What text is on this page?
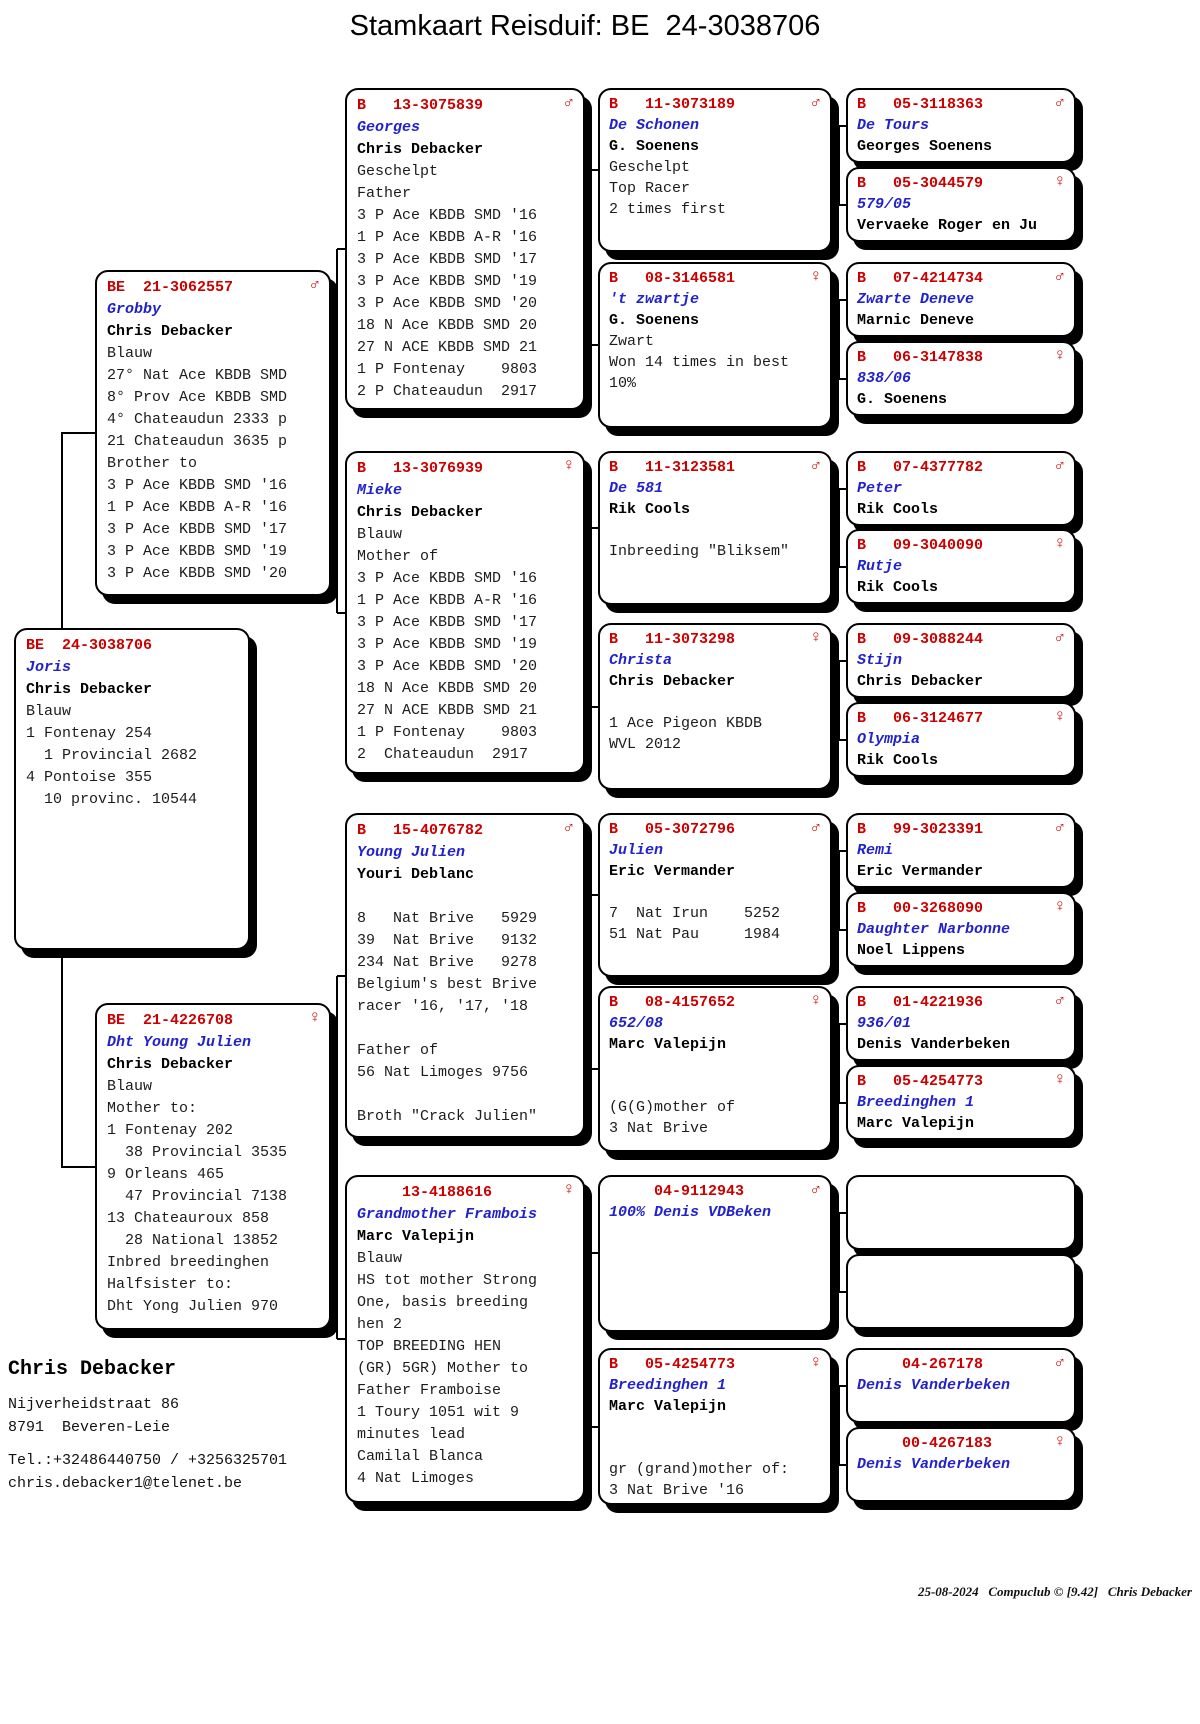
Stamkaart Reisduif: BE  24-3038706
BE  24-3038706
Joris
Chris Debacker
Blauw
1 Fontenay 254
1 Provincial 2682
4 Pontoise 355
10 provinc. 10544
BE  21-3062557	♂
Grobby
Chris Debacker
Blauw
27° Nat Ace KBDB SMD
8° Prov Ace KBDB SMD
4° Chateaudun 2333 p
21 Chateaudun 3635 p
Brother to
3 P Ace KBDB SMD '16
1 P Ace KBDB A-R '16
3 P Ace KBDB SMD '17
3 P Ace KBDB SMD '19
3 P Ace KBDB SMD '20
BE  21-4226708	♀
Dht Young Julien
Chris Debacker
Blauw
Mother to:
1 Fontenay 202
38 Provincial 3535
9 Orleans 465
47 Provincial 7138
13 Chateauroux 858
28 National 13852
Inbred breedinghen
Halfsister to:
Dht Yong Julien 970
B   13-3075839	♂
Georges
Chris Debacker
Geschelpt
Father
3 P Ace KBDB SMD '16
1 P Ace KBDB A-R '16
3 P Ace KBDB SMD '17
3 P Ace KBDB SMD '19
3 P Ace KBDB SMD '20
18 N Ace KBDB SMD 20
27 N ACE KBDB SMD 21
1 P Fontenay    9803
2 P Chateaudun  2917
B   13-3076939	♀
Mieke
Chris Debacker
Blauw
Mother of
3 P Ace KBDB SMD '16
1 P Ace KBDB A-R '16
3 P Ace KBDB SMD '17
3 P Ace KBDB SMD '19
3 P Ace KBDB SMD '20
18 N Ace KBDB SMD 20
27 N ACE KBDB SMD 21
1 P Fontenay    9803
2  Chateaudun  2917
B   15-4076782	♂
Young Julien
Youri Deblanc

8   Nat Brive   5929
39  Nat Brive   9132
234 Nat Brive   9278
Belgium's best Brive
racer '16, '17, '18

Father of
56 Nat Limoges 9756

Broth "Crack Julien"
13-4188616	♀
Grandmother Frambois
Marc Valepijn
Blauw
HS tot mother Strong
One, basis breeding
hen 2
TOP BREEDING HEN
(GR) 5GR) Mother to
Father Framboise
1 Toury 1051 wit 9
minutes lead
Camilal Blanca
4 Nat Limoges
B   11-3073189	♂
De Schonen
G. Soenens
Geschelpt
Top Racer
2 times first
B   08-3146581	♀
't zwartje
G. Soenens
Zwart
Won 14 times in best
10%
B   11-3123581	♂
De 581
Rik Cools

Inbreeding "Bliksem"
B   11-3073298	♀
Christa
Chris Debacker

1 Ace Pigeon KBDB
WVL 2012
B   05-3072796	♂
Julien
Eric Vermander

7  Nat Irun    5252
51 Nat Pau     1984
B   08-4157652	♀
652/08
Marc Valepijn

(G(G)mother of
3 Nat Brive
04-9112943	♂
100% Denis VDBeken
B   05-4254773	♀
Breedinghen 1
Marc Valepijn

gr (grand)mother of:
3 Nat Brive '16
B   05-3118363	♂
De Tours
Georges Soenens
B   05-3044579	♀
579/05
Vervaeke Roger en Ju
B   07-4214734	♂
Zwarte Deneve
Marnic Deneve
B   06-3147838	♀
838/06
G. Soenens
B   07-4377782	♂
Peter
Rik Cools
B   09-3040090	♀
Rutje
Rik Cools
B   09-3088244	♂
Stijn
Chris Debacker
B   06-3124677	♀
Olympia
Rik Cools
B   99-3023391	♂
Remi
Eric Vermander
B   00-3268090	♀
Daughter Narbonne
Noel Lippens
B   01-4221936	♂
936/01
Denis Vanderbeken
B   05-4254773	♀
Breedinghen 1
Marc Valepijn
04-267178	♂
Denis Vanderbeken
00-4267183	♀
Denis Vanderbeken
Chris Debacker
Nijverheidstraat 86
8791  Beveren-Leie
Tel.:+32486440750 / +3256325701
chris.debacker1@telenet.be
25-08-2024   Compuclub © [9.42]   Chris Debacker
